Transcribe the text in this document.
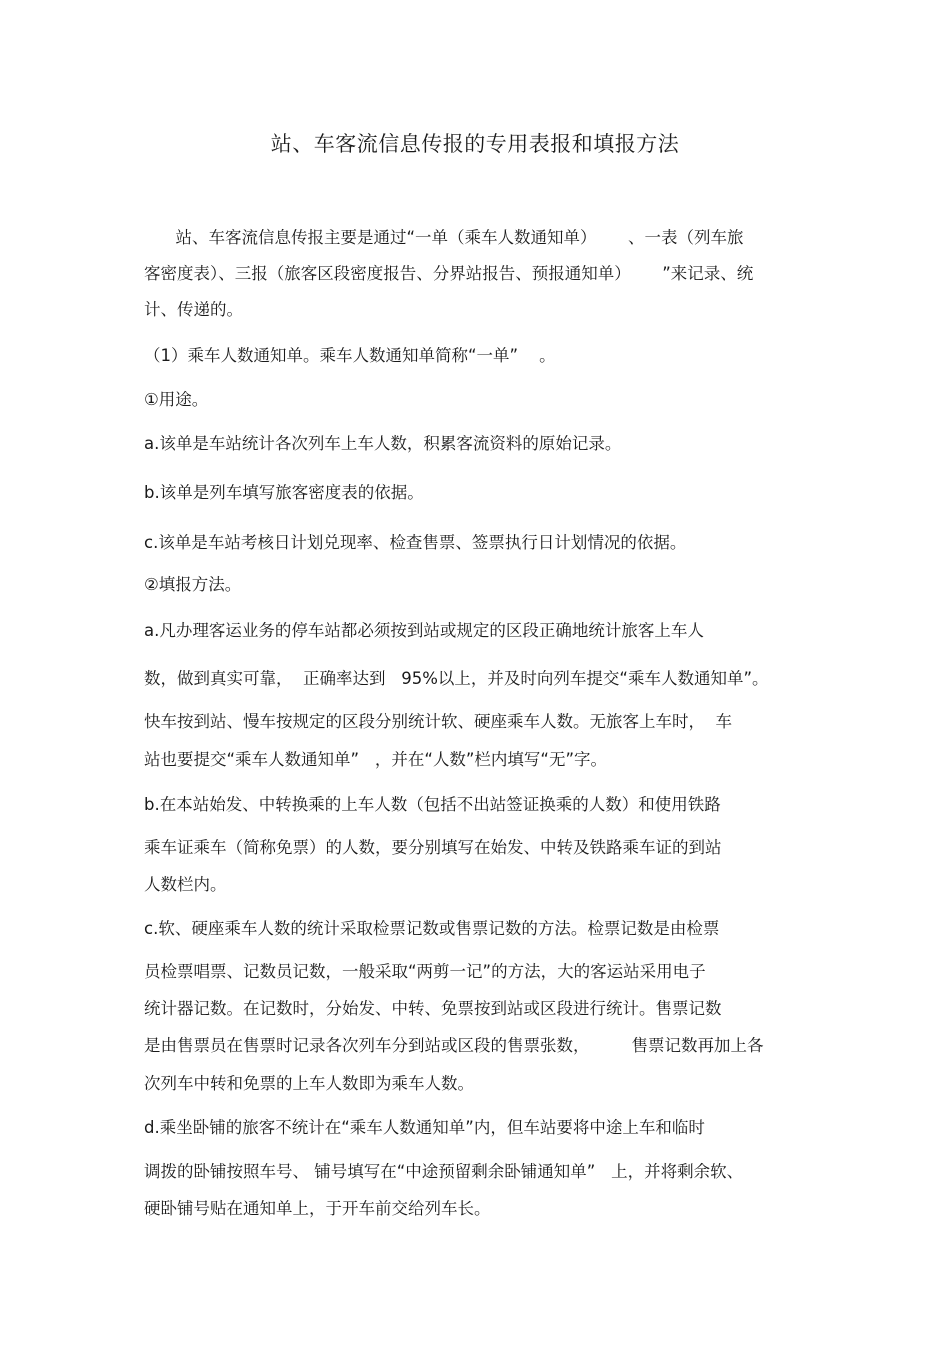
站、车客流信息传报的专用表报和填报方法
站、车客流信息传报主要是通过“一单（乘车人数通知单）      、一表（列车旅
客密度表）、三报（旅客区段密度报告、分界站报告、预报通知单）      ”来记录、统
计、传递的。
（1）乘车人数通知单。乘车人数通知单简称“一单”    。
①用途。
a.该单是车站统计各次列车上车人数，积累客流资料的原始记录。
b.该单是列车填写旅客密度表的依据。
c.该单是车站考核日计划兑现率、检查售票、签票执行日计划情况的依据。
②填报方法。
a.凡办理客运业务的停车站都必须按到站或规定的区段正确地统计旅客上车人
数，做到真实可靠，  正确率达到   95%以上，并及时向列车提交“乘车人数通知单”。
快车按到站、慢车按规定的区段分别统计软、硬座乘车人数。无旅客上车时，  车
站也要提交“乘车人数通知单”   ，并在“人数”栏内填写“无”字。
b.在本站始发、中转换乘的上车人数（包括不出站签证换乘的人数）和使用铁路
乘车证乘车（简称免票）的人数，要分别填写在始发、中转及铁路乘车证的到站
人数栏内。
c.软、硬座乘车人数的统计采取检票记数或售票记数的方法。检票记数是由检票
员检票唱票、记数员记数，一般采取“两剪一记”的方法，大的客运站采用电子
统计器记数。在记数时，分始发、中转、免票按到站或区段进行统计。售票记数
是由售票员在售票时记录各次列车分到站或区段的售票张数，        售票记数再加上各
次列车中转和免票的上车人数即为乘车人数。
d.乘坐卧铺的旅客不统计在“乘车人数通知单”内，但车站要将中途上车和临时
调拨的卧铺按照车号、 铺号填写在“中途预留剩余卧铺通知单”   上，并将剩余软、
硬卧铺号贴在通知单上，于开车前交给列车长。
